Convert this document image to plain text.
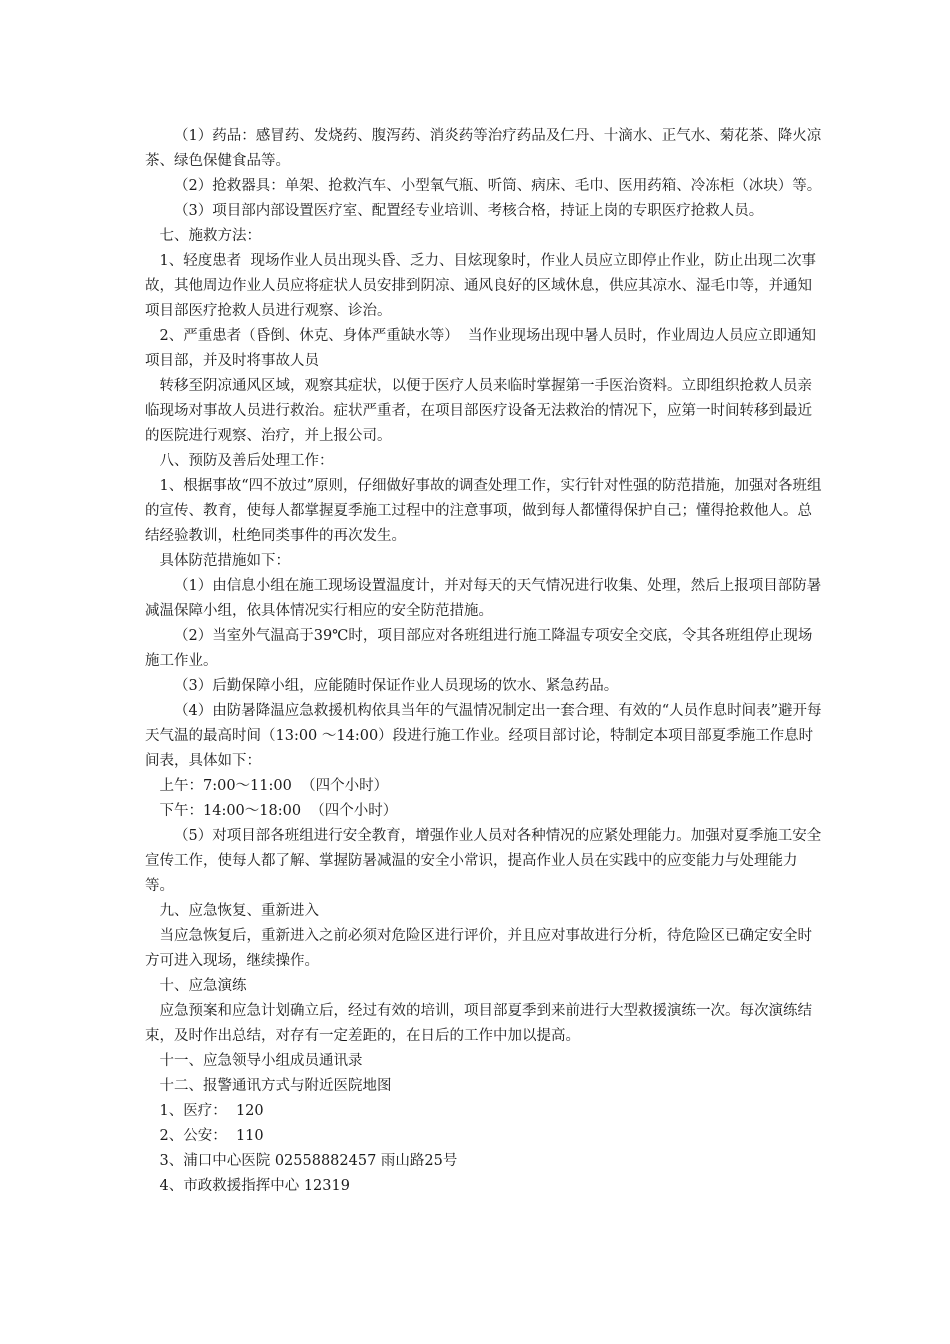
（1）药品：感冒药、发烧药、腹泻药、消炎药等治疗药品及仁丹、十滴水、正气水、菊花茶、降火凉茶、绿色保健食品等。

（2）抢救器具：单架、抢救汽车、小型氧气瓶、听筒、病床、毛巾、医用药箱、冷冻柜（冰块）等。

（3）项目部内部设置医疗室、配置经专业培训、考核合格，持证上岗的专职医疗抢救人员。

七、施救方法：

1、轻度患者  现场作业人员出现头昏、乏力、目炫现象时，作业人员应立即停止作业，防止出现二次事故，其他周边作业人员应将症状人员安排到阴凉、通风良好的区域休息，供应其凉水、湿毛巾等，并通知项目部医疗抢救人员进行观察、诊治。

2、严重患者（昏倒、休克、身体严重缺水等）  当作业现场出现中暑人员时，作业周边人员应立即通知项目部，并及时将事故人员

转移至阴凉通风区域，观察其症状，以便于医疗人员来临时掌握第一手医治资料。立即组织抢救人员亲临现场对事故人员进行救治。症状严重者，在项目部医疗设备无法救治的情况下，应第一时间转移到最近的医院进行观察、治疗，并上报公司。

八、预防及善后处理工作：

1、根据事故“四不放过”原则，仔细做好事故的调查处理工作，实行针对性强的防范措施，加强对各班组的宣传、教育，使每人都掌握夏季施工过程中的注意事项，做到每人都懂得保护自己；懂得抢救他人。总结经验教训，杜绝同类事件的再次发生。

具体防范措施如下：

（1）由信息小组在施工现场设置温度计，并对每天的天气情况进行收集、处理，然后上报项目部防暑减温保障小组，依具体情况实行相应的安全防范措施。

（2）当室外气温高于39℃时，项目部应对各班组进行施工降温专项安全交底，令其各班组停止现场施工作业。

（3）后勤保障小组，应能随时保证作业人员现场的饮水、紧急药品。

（4）由防暑降温应急救援机构依具当年的气温情况制定出一套合理、有效的“人员作息时间表”避开每天气温的最高时间（13:00 ～14:00）段进行施工作业。经项目部讨论，特制定本项目部夏季施工作息时间表，具体如下：

上午：7:00～11:00  （四个小时）

下午：14:00～18:00  （四个小时）

（5）对项目部各班组进行安全教育，增强作业人员对各种情况的应紧处理能力。加强对夏季施工安全宣传工作，使每人都了解、掌握防暑减温的安全小常识，提高作业人员在实践中的应变能力与处理能力等。

九、应急恢复、重新进入

当应急恢复后，重新进入之前必须对危险区进行评价，并且应对事故进行分析，待危险区已确定安全时方可进入现场，继续操作。

十、应急演练

应急预案和应急计划确立后，经过有效的培训，项目部夏季到来前进行大型救援演练一次。每次演练结束，及时作出总结，对存有一定差距的，在日后的工作中加以提高。

十一、应急领导小组成员通讯录

十二、报警通讯方式与附近医院地图

1、医疗：  120

2、公安：  110

3、浦口中心医院 02558882457 雨山路25号

4、市政救援指挥中心 12319
